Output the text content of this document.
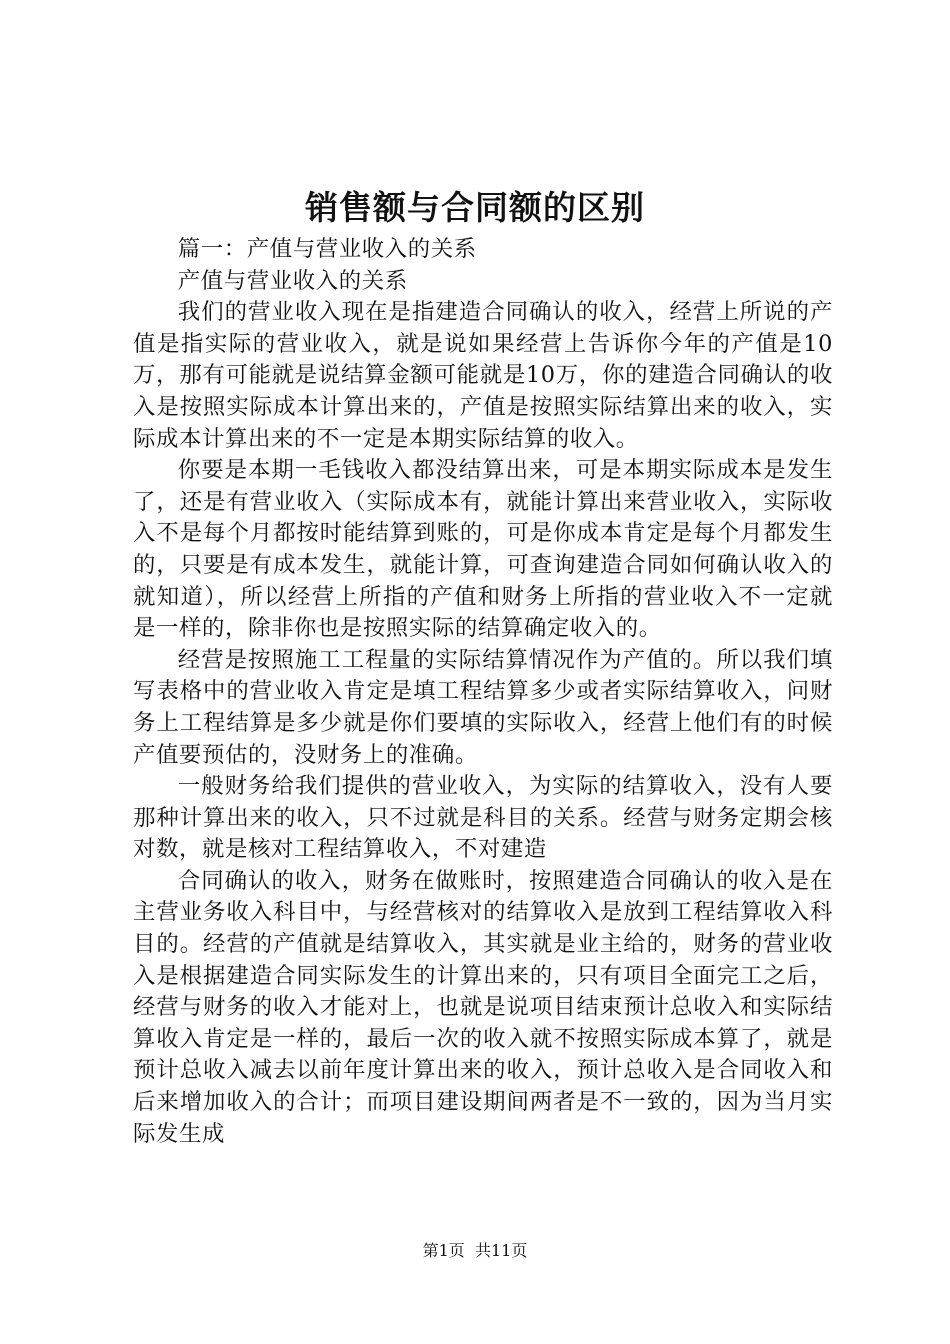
销售额与合同额的区别

篇一：产值与营业收入的关系

产值与营业收入的关系

我们的营业收入现在是指建造合同确认的收入，经营上所说的产值是指实际的营业收入，就是说如果经营上告诉你今年的产值是10万，那有可能就是说结算金额可能就是10万，你的建造合同确认的收入是按照实际成本计算出来的，产值是按照实际结算出来的收入，实际成本计算出来的不一定是本期实际结算的收入。

你要是本期一毛钱收入都没结算出来，可是本期实际成本是发生了，还是有营业收入（实际成本有，就能计算出来营业收入，实际收入不是每个月都按时能结算到账的，可是你成本肯定是每个月都发生的，只要是有成本发生，就能计算，可查询建造合同如何确认收入的就知道），所以经营上所指的产值和财务上所指的营业收入不一定就是一样的，除非你也是按照实际的结算确定收入的。

经营是按照施工工程量的实际结算情况作为产值的。所以我们填写表格中的营业收入肯定是填工程结算多少或者实际结算收入，问财务上工程结算是多少就是你们要填的实际收入，经营上他们有的时候产值要预估的，没财务上的准确。

一般财务给我们提供的营业收入，为实际的结算收入，没有人要那种计算出来的收入，只不过就是科目的关系。经营与财务定期会核对数，就是核对工程结算收入，不对建造

合同确认的收入，财务在做账时，按照建造合同确认的收入是在主营业务收入科目中，与经营核对的结算收入是放到工程结算收入科目的。经营的产值就是结算收入，其实就是业主给的，财务的营业收入是根据建造合同实际发生的计算出来的，只有项目全面完工之后，经营与财务的收入才能对上，也就是说项目结束预计总收入和实际结算收入肯定是一样的，最后一次的收入就不按照实际成本算了，就是预计总收入减去以前年度计算出来的收入，预计总收入是合同收入和后来增加收入的合计；而项目建设期间两者是不一致的，因为当月实际发生成

第1页 共11页
